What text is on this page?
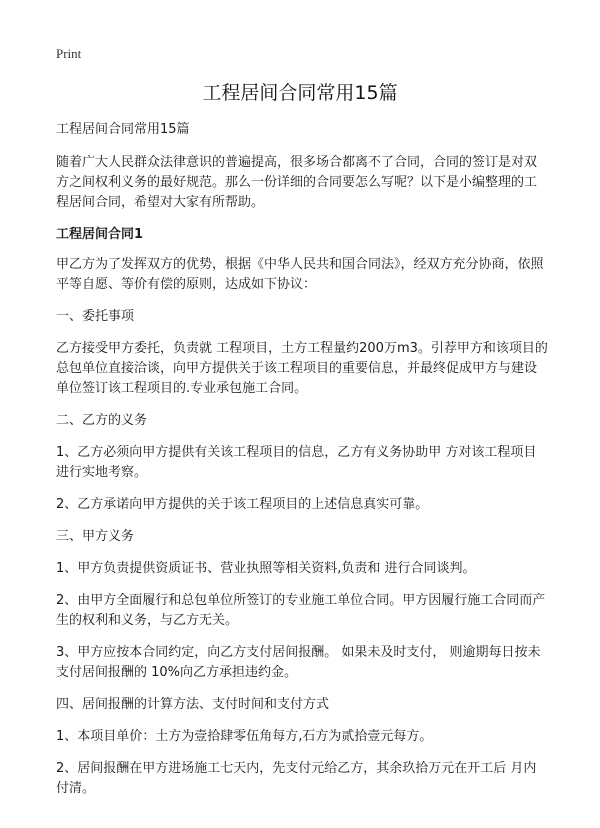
Print
工程居间合同常用15篇

工程居间合同常用15篇

随着广大人民群众法律意识的普遍提高，很多场合都离不了合同，合同的签订是对双方之间权利义务的最好规范。那么一份详细的合同要怎么写呢？以下是小编整理的工程居间合同，希望对大家有所帮助。

工程居间合同1

甲乙方为了发挥双方的优势，根据《中华人民共和国合同法》，经双方充分协商，依照平等自愿、等价有偿的原则，达成如下协议：

一、委托事项

乙方接受甲方委托，负责就 工程项目，土方工程量约200万m3。引荐甲方和该项目的总包单位直接洽谈，向甲方提供关于该工程项目的重要信息，并最终促成甲方与建设单位签订该工程项目的.专业承包施工合同。

二、乙方的义务

1、乙方必须向甲方提供有关该工程项目的信息，乙方有义务协助甲 方对该工程项目进行实地考察。

2、乙方承诺向甲方提供的关于该工程项目的上述信息真实可靠。

三、甲方义务

1、甲方负责提供资质证书、营业执照等相关资料,负责和 进行合同谈判。

2、由甲方全面履行和总包单位所签订的专业施工单位合同。甲方因履行施工合同而产生的权利和义务，与乙方无关。

3、甲方应按本合同约定，向乙方支付居间报酬。 如果未及时支付， 则逾期每日按未支付居间报酬的 10%向乙方承担违约金。

四、居间报酬的计算方法、支付时间和支付方式

1、本项目单价：土方为壹拾肆零伍角每方,石方为贰拾壹元每方。

2、居间报酬在甲方进场施工七天内，先支付元给乙方，其余玖拾万元在开工后 月内付清。
